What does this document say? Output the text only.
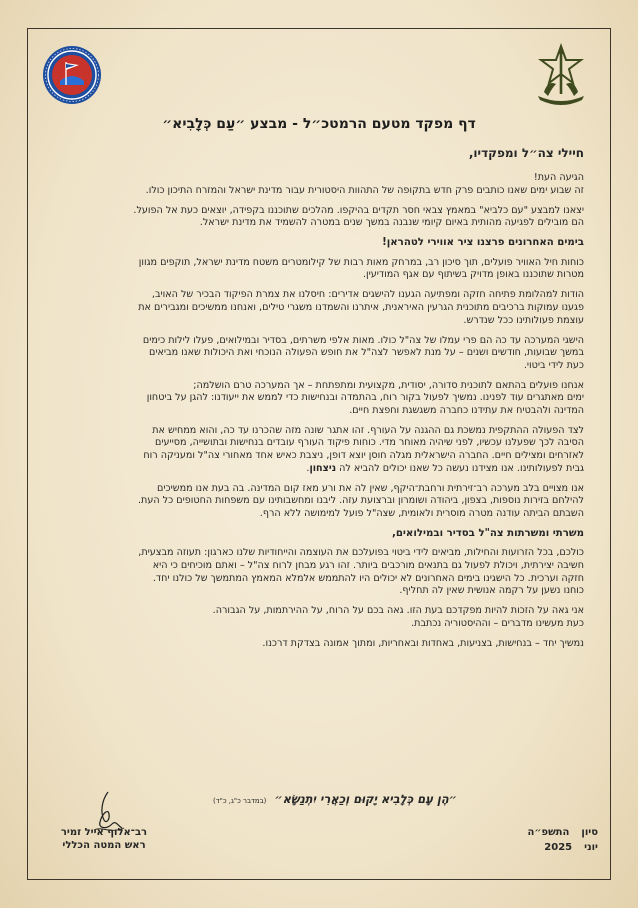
דף מפקד מטעם הרמטכ״ל - מבצע ״עַם כְּלָבִיא״

חיילי צה״ל ומפקדיו,

הגיעה העת!
זה שבוע ימים שאנו כותבים פרק חדש בתקופה של התהוות היסטורית עבור מדינת ישראל והמזרח התיכון כולו.

יצאנו למבצע "עם כלביא" במאמץ צבאי חסר תקדים בהיקפו. מהלכים שתוכננו בקפידה, יוצאים כעת אל הפועל.
הם מובילים לפגיעה מהותית באיום קיומי שנבנה במשך שנים במטרה להשמיד את מדינת ישראל.

בימים האחרונים פרצנו ציר אווירי לטהראן!

כוחות חיל האוויר פועלים, תוך סיכון רב, במרחק מאות רבות של קילומטרים משטח מדינת ישראל, תוקפים מגוון
מטרות שתוכננו באופן מדויק בשיתוף עם אגף המודיעין.

הודות למהלומת פתיחה חזקה ומפתיעה הגענו להישגים אדירים: חיסלנו את צמרת הפיקוד הבכיר של האויב,
פגענו עמוקות ברכיבים מתוכנית הגרעין האיראנית, איתרנו והשמדנו משגרי טילים, ואנחנו ממשיכים ומגבירים את
עוצמת פעולותינו ככל שנדרש.

הישגי המערכה עד כה הם פרי עמלו של צה"ל כולו. מאות אלפי משרתים, בסדיר ובמילואים, פעלו לילות כימים
במשך שבועות, חודשים ושנים – על מנת לאפשר לצה"ל את חופש הפעולה הנוכחי ואת היכולות שאנו מביאים
כעת לידי ביטוי.

אנחנו פועלים בהתאם לתוכנית סדורה, יסודית, מקצועית ומתפתחת – אך המערכה טרם הושלמה;
ימים מאתגרים עוד לפנינו. נמשיך לפעול בקור רוח, בהתמדה ובנחישות כדי לממש את ייעודנו: להגן על ביטחון
המדינה ולהבטיח את עתידנו כחברה משגשגת וחפצת חיים.

לצד הפעולה ההתקפית נמשכת גם ההגנה על העורף. זהו אתגר שונה מזה שהכרנו עד כה, והוא ממחיש את
הסיבה לכך שפעלנו עכשיו, לפני שיהיה מאוחר מדי. כוחות פיקוד העורף עובדים בנחישות ובתושייה, מסייעים
לאזרחים ומצילים חיים. החברה הישראלית מגלה חוסן יוצא דופן, ניצבת כאיש אחד מאחורי צה"ל ומעניקה רוח
גבית לפעולותינו. אנו מצידנו נעשה כל שאנו יכולים להביא לה ניצחון.

אנו מצויים בלב מערכה רב־זירתית ורחבת־היקף, שאין לה את ורע מאז קום המדינה. בה בעת אנו ממשיכים
להילחם בזירות נוספות, בצפון, ביהודה ושומרון וברצועת עזה. ליבנו ומחשבותינו עם משפחות החטופים כל העת.
השבתם הביתה עודנה מטרה מוסרית ולאומית, שצה"ל פועל למימושה ללא הרף.

משרתי ומשרתות צה"ל בסדיר ובמילואים,

כולכם, בכל הזרועות והחילות, מביאים לידי ביטוי בפועלכם את העוצמה והייחודיות שלנו כארגון: תעוזה מבצעית,
חשיבה יצירתית, ויכולת לפעול גם בתנאים מורכבים ביותר. זהו רגע מבחן לרוח צה"ל – ואתם מוכיחים כי היא
חזקה וערכית. כל הישגינו בימים האחרונים לא יכולים היו להתממש אלמלא המאמץ המתמשך של כולנו יחד.
כוחנו נשען על רקמה אנושית שאין לה תחליף.

אני גאה על הזכות להיות מפקדכם בעת הזו. גאה בכם על הרוח, על ההירתמות, על הגבורה.
כעת מעשינו מדברים – וההיסטוריה נכתבת.

נמשיך יחד – בנחישות, בצניעות, באחדות ובאחריות, ומתוך אמונה בצדקת דרכנו.

״הֶן עָם כְּלָבִיא יָקוּם וְכַאֲרִי יִתְנַשָּׂא״ (במדבר כ"ג, כ"ד)
רב־אלוף אייל זמיר
ראש המטה הכללי
סיון
התשפ״ה
יוני
2025
